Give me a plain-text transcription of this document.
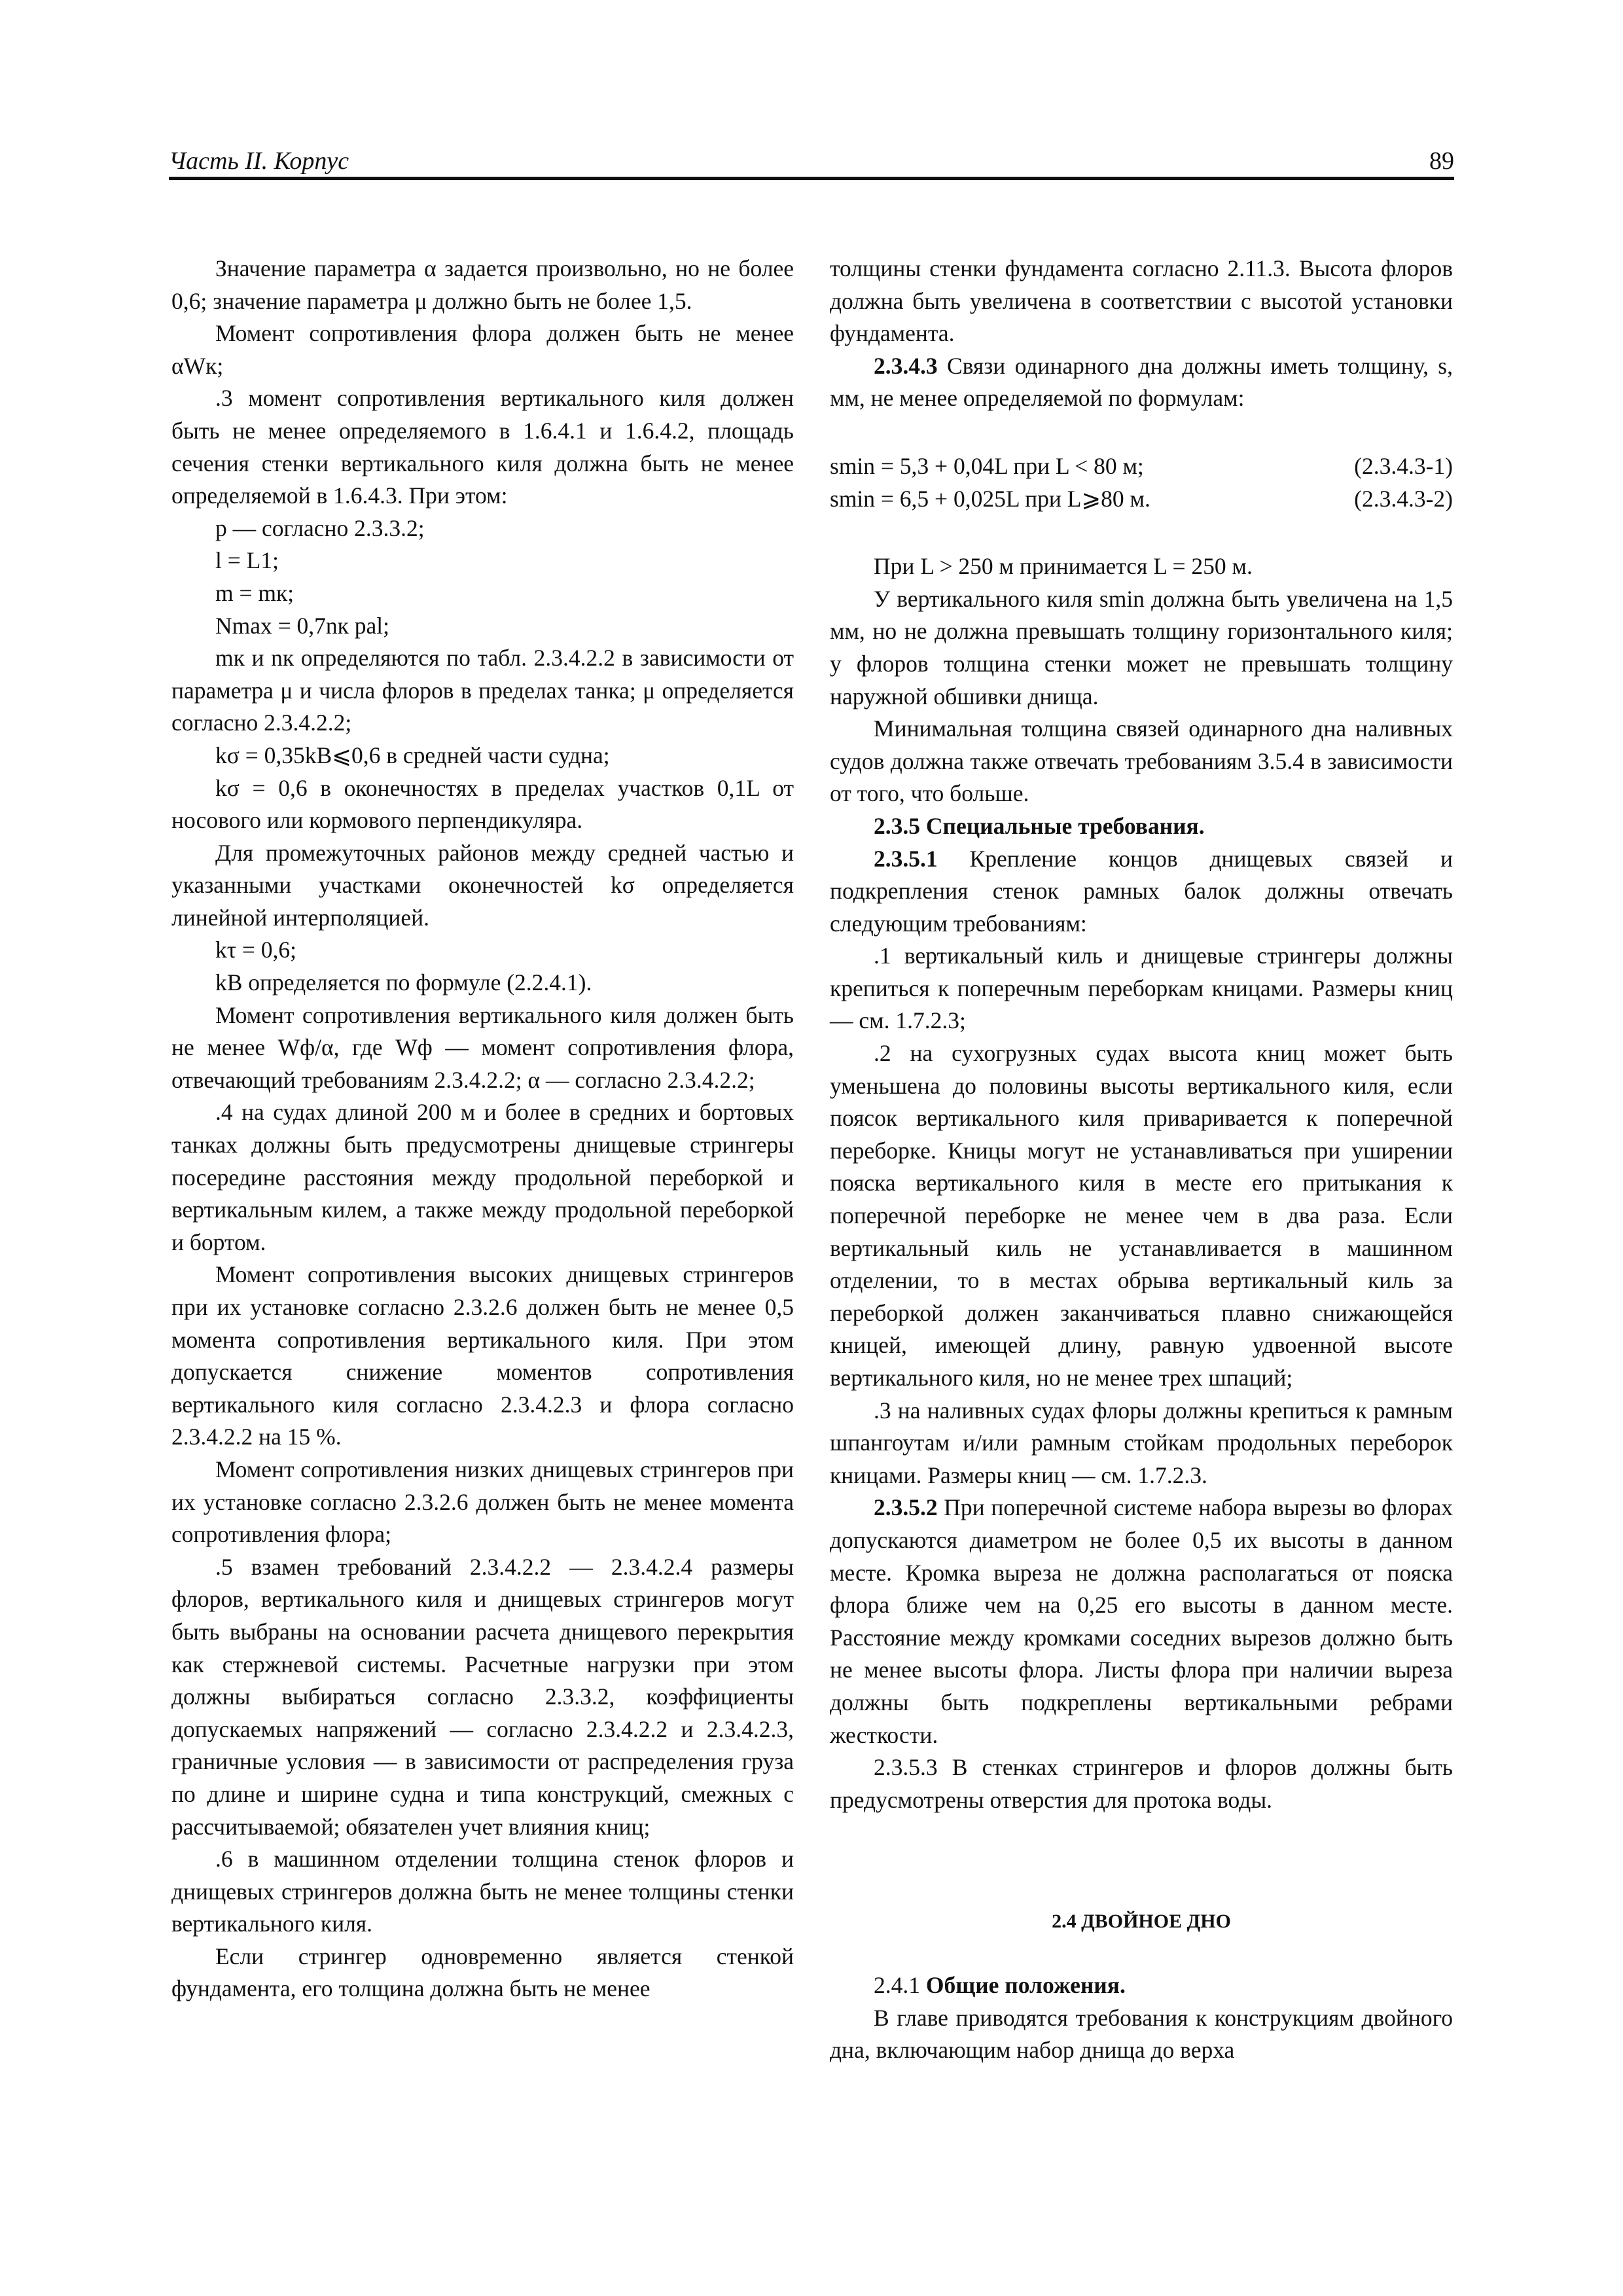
Часть II. Корпус	89

Значение параметра α задается произвольно, но не более 0,6; значение параметра μ должно быть не более 1,5.

Момент сопротивления флора должен быть не менее αWк;

.3 момент сопротивления вертикального киля должен быть не менее определяемого в 1.6.4.1 и 1.6.4.2, площадь сечения стенки вертикального киля должна быть не менее определяемой в 1.6.4.3. При этом:

p — согласно 2.3.3.2;

l = L1;

m = mк;

Nmax = 0,7nк pal;

mк и nк определяются по табл. 2.3.4.2.2 в зависимости от параметра μ и числа флоров в пределах танка; μ определяется согласно 2.3.4.2.2;

kσ = 0,35kB⩽0,6 в средней части судна;

kσ = 0,6 в оконечностях в пределах участков 0,1L от носового или кормового перпендикуляра.

Для промежуточных районов между средней частью и указанными участками оконечностей kσ определяется линейной интерполяцией.

kτ = 0,6;

kB определяется по формуле (2.2.4.1).

Момент сопротивления вертикального киля должен быть не менее Wф/α, где Wф — момент сопротивления флора, отвечающий требованиям 2.3.4.2.2; α — согласно 2.3.4.2.2;

.4 на судах длиной 200 м и более в средних и бортовых танках должны быть предусмотрены днищевые стрингеры посередине расстояния между продольной переборкой и вертикальным килем, а также между продольной переборкой и бортом.

Момент сопротивления высоких днищевых стрингеров при их установке согласно 2.3.2.6 должен быть не менее 0,5 момента сопротивления вертикального киля. При этом допускается снижение моментов сопротивления вертикального киля согласно 2.3.4.2.3 и флора согласно 2.3.4.2.2 на 15 %.

Момент сопротивления низких днищевых стрингеров при их установке согласно 2.3.2.6 должен быть не менее момента сопротивления флора;

.5 взамен требований 2.3.4.2.2 — 2.3.4.2.4 размеры флоров, вертикального киля и днищевых стрингеров могут быть выбраны на основании расчета днищевого перекрытия как стержневой системы. Расчетные нагрузки при этом должны выбираться согласно 2.3.3.2, коэффициенты допускаемых напряжений — согласно 2.3.4.2.2 и 2.3.4.2.3, граничные условия — в зависимости от распределения груза по длине и ширине судна и типа конструкций, смежных с рассчитываемой; обязателен учет влияния книц;

.6 в машинном отделении толщина стенок флоров и днищевых стрингеров должна быть не менее толщины стенки вертикального киля.

Если стрингер одновременно является стенкой фундамента, его толщина должна быть не менее

толщины стенки фундамента согласно 2.11.3. Высота флоров должна быть увеличена в соответствии с высотой установки фундамента.

2.3.4.3 Связи одинарного дна должны иметь толщину, s, мм, не менее определяемой по формулам:

smin = 5,3 + 0,04L при L < 80 м;	(2.3.4.3-1)
smin = 6,5 + 0,025L при L⩾80 м.	(2.3.4.3-2)

При L > 250 м принимается L = 250 м.

У вертикального киля smin должна быть увеличена на 1,5 мм, но не должна превышать толщину горизонтального киля; у флоров толщина стенки может не превышать толщину наружной обшивки днища.

Минимальная толщина связей одинарного дна наливных судов должна также отвечать требованиям 3.5.4 в зависимости от того, что больше.

2.3.5 Специальные требования.

2.3.5.1 Крепление концов днищевых связей и подкрепления стенок рамных балок должны отвечать следующим требованиям:

.1 вертикальный киль и днищевые стрингеры должны крепиться к поперечным переборкам кницами. Размеры книц — см. 1.7.2.3;

.2 на сухогрузных судах высота книц может быть уменьшена до половины высоты вертикального киля, если поясок вертикального киля приваривается к поперечной переборке. Кницы могут не устанавливаться при уширении пояска вертикального киля в месте его притыкания к поперечной переборке не менее чем в два раза. Если вертикальный киль не устанавливается в машинном отделении, то в местах обрыва вертикальный киль за переборкой должен заканчиваться плавно снижающейся кницей, имеющей длину, равную удвоенной высоте вертикального киля, но не менее трех шпаций;

.3 на наливных судах флоры должны крепиться к рамным шпангоутам и/или рамным стойкам продольных переборок кницами. Размеры книц — см. 1.7.2.3.

2.3.5.2 При поперечной системе набора вырезы во флорах допускаются диаметром не более 0,5 их высоты в данном месте. Кромка выреза не должна располагаться от пояска флора ближе чем на 0,25 его высоты в данном месте. Расстояние между кромками соседних вырезов должно быть не менее высоты флора. Листы флора при наличии выреза должны быть подкреплены вертикальными ребрами жесткости.

2.3.5.3 В стенках стрингеров и флоров должны быть предусмотрены отверстия для протока воды.

2.4 ДВОЙНОЕ ДНО

2.4.1 Общие положения.

В главе приводятся требования к конструкциям двойного дна, включающим набор днища до верха
